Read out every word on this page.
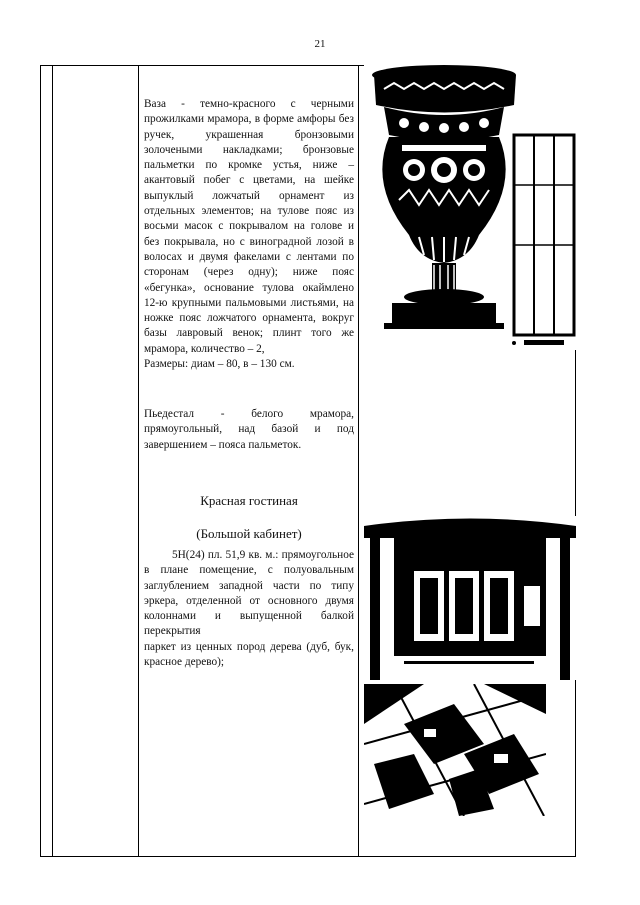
21

Ваза - темно-красного с черными прожилками мрамора, в форме амфоры без ручек, украшенная бронзовыми золочеными накладками; бронзовые пальметки по кромке устья, ниже – акантовый побег с цветами, на шейке выпуклый ложчатый орнамент из отдельных элементов; на тулове пояс из восьми масок с покрывалом на голове и без покрывала, но с виноградной лозой в волосах и двумя факелами с лентами по сторонам (через одну); ниже пояс «бегунка», основание тулова окаймлено 12-ю крупными пальмовыми листьями, на ножке пояс ложчатого орнамента, вокруг базы лавровый венок; плинт того же мрамора, количество – 2,

Размеры: диам – 80, в – 130 см.

Пьедестал - белого мрамора, прямоугольный, над базой и под завершением – пояса пальметок.

Красная гостиная
(Большой кабинет)

5Н(24) пл. 51,9 кв. м.: прямоугольное в плане помещение, с полуовальным заглублением западной части по типу эркера, отделенной от основного двумя колоннами и выпущенной балкой перекрытия

паркет из ценных пород дерева (дуб, бук, красное дерево);
